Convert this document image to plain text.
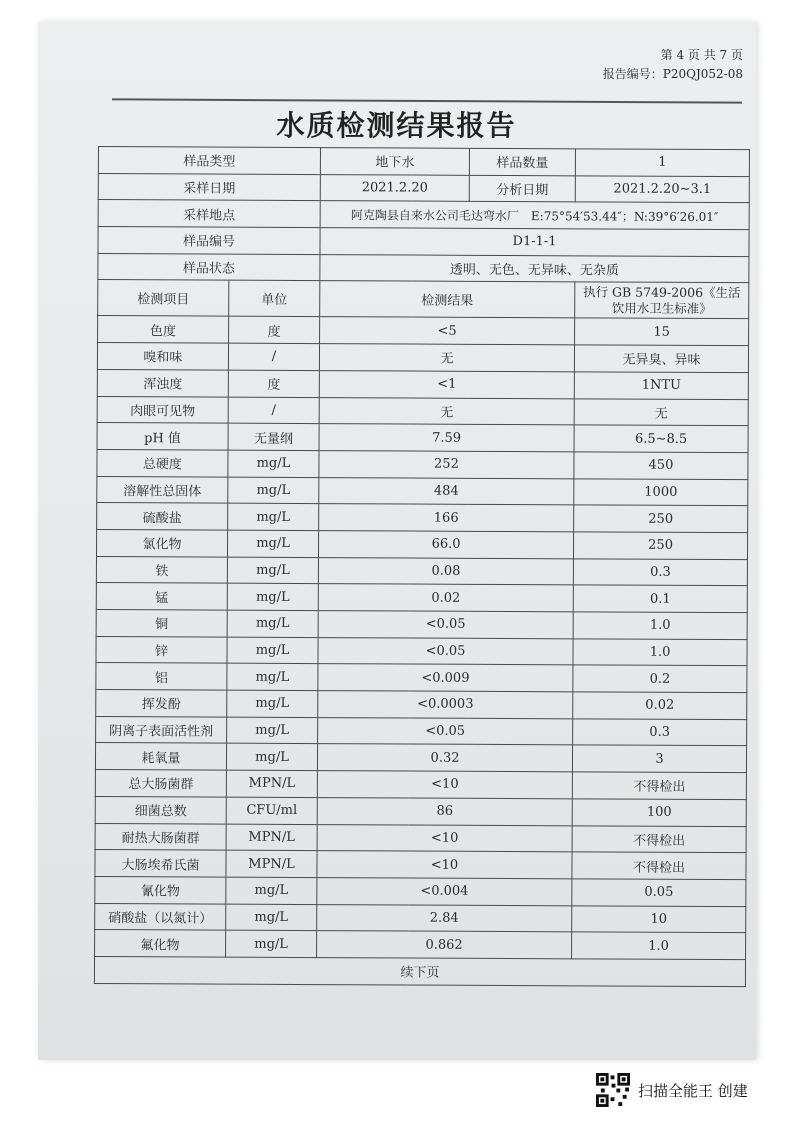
第 4 页 共 7 页
报告编号：P20QJ052-08
水质检测结果报告
样品类型		地下水	样品数量	1
采样日期		2021.2.20	分析日期	2021.2.20~3.1
采样地点		阿克陶县自来水公司毛达弯水厂　E:75°54′53.44″；N:39°6′26.01″		
样品编号		D1-1-1		
样品状态		透明、无色、无异味、无杂质		
检测项目	单位	检测结果		执行 GB 5749-2006《生活饮用水卫生标准》
色度	度	<5		15
嗅和味	/	无		无异臭、异味
浑浊度	度	<1		1NTU
肉眼可见物	/	无		无
pH 值	无量纲	7.59		6.5~8.5
总硬度	mg/L	252		450
溶解性总固体	mg/L	484		1000
硫酸盐	mg/L	166		250
氯化物	mg/L	66.0		250
铁	mg/L	0.08		0.3
锰	mg/L	0.02		0.1
铜	mg/L	<0.05		1.0
锌	mg/L	<0.05		1.0
铝	mg/L	<0.009		0.2
挥发酚	mg/L	<0.0003		0.02
阴离子表面活性剂	mg/L	<0.05		0.3
耗氧量	mg/L	0.32		3
总大肠菌群	MPN/L	<10		不得检出
细菌总数	CFU/ml	86		100
耐热大肠菌群	MPN/L	<10		不得检出
大肠埃希氏菌	MPN/L	<10		不得检出
氰化物	mg/L	<0.004		0.05
硝酸盐（以氮计）	mg/L	2.84		10
氟化物	mg/L	0.862		1.0
续下页				
扫描全能王 创建
